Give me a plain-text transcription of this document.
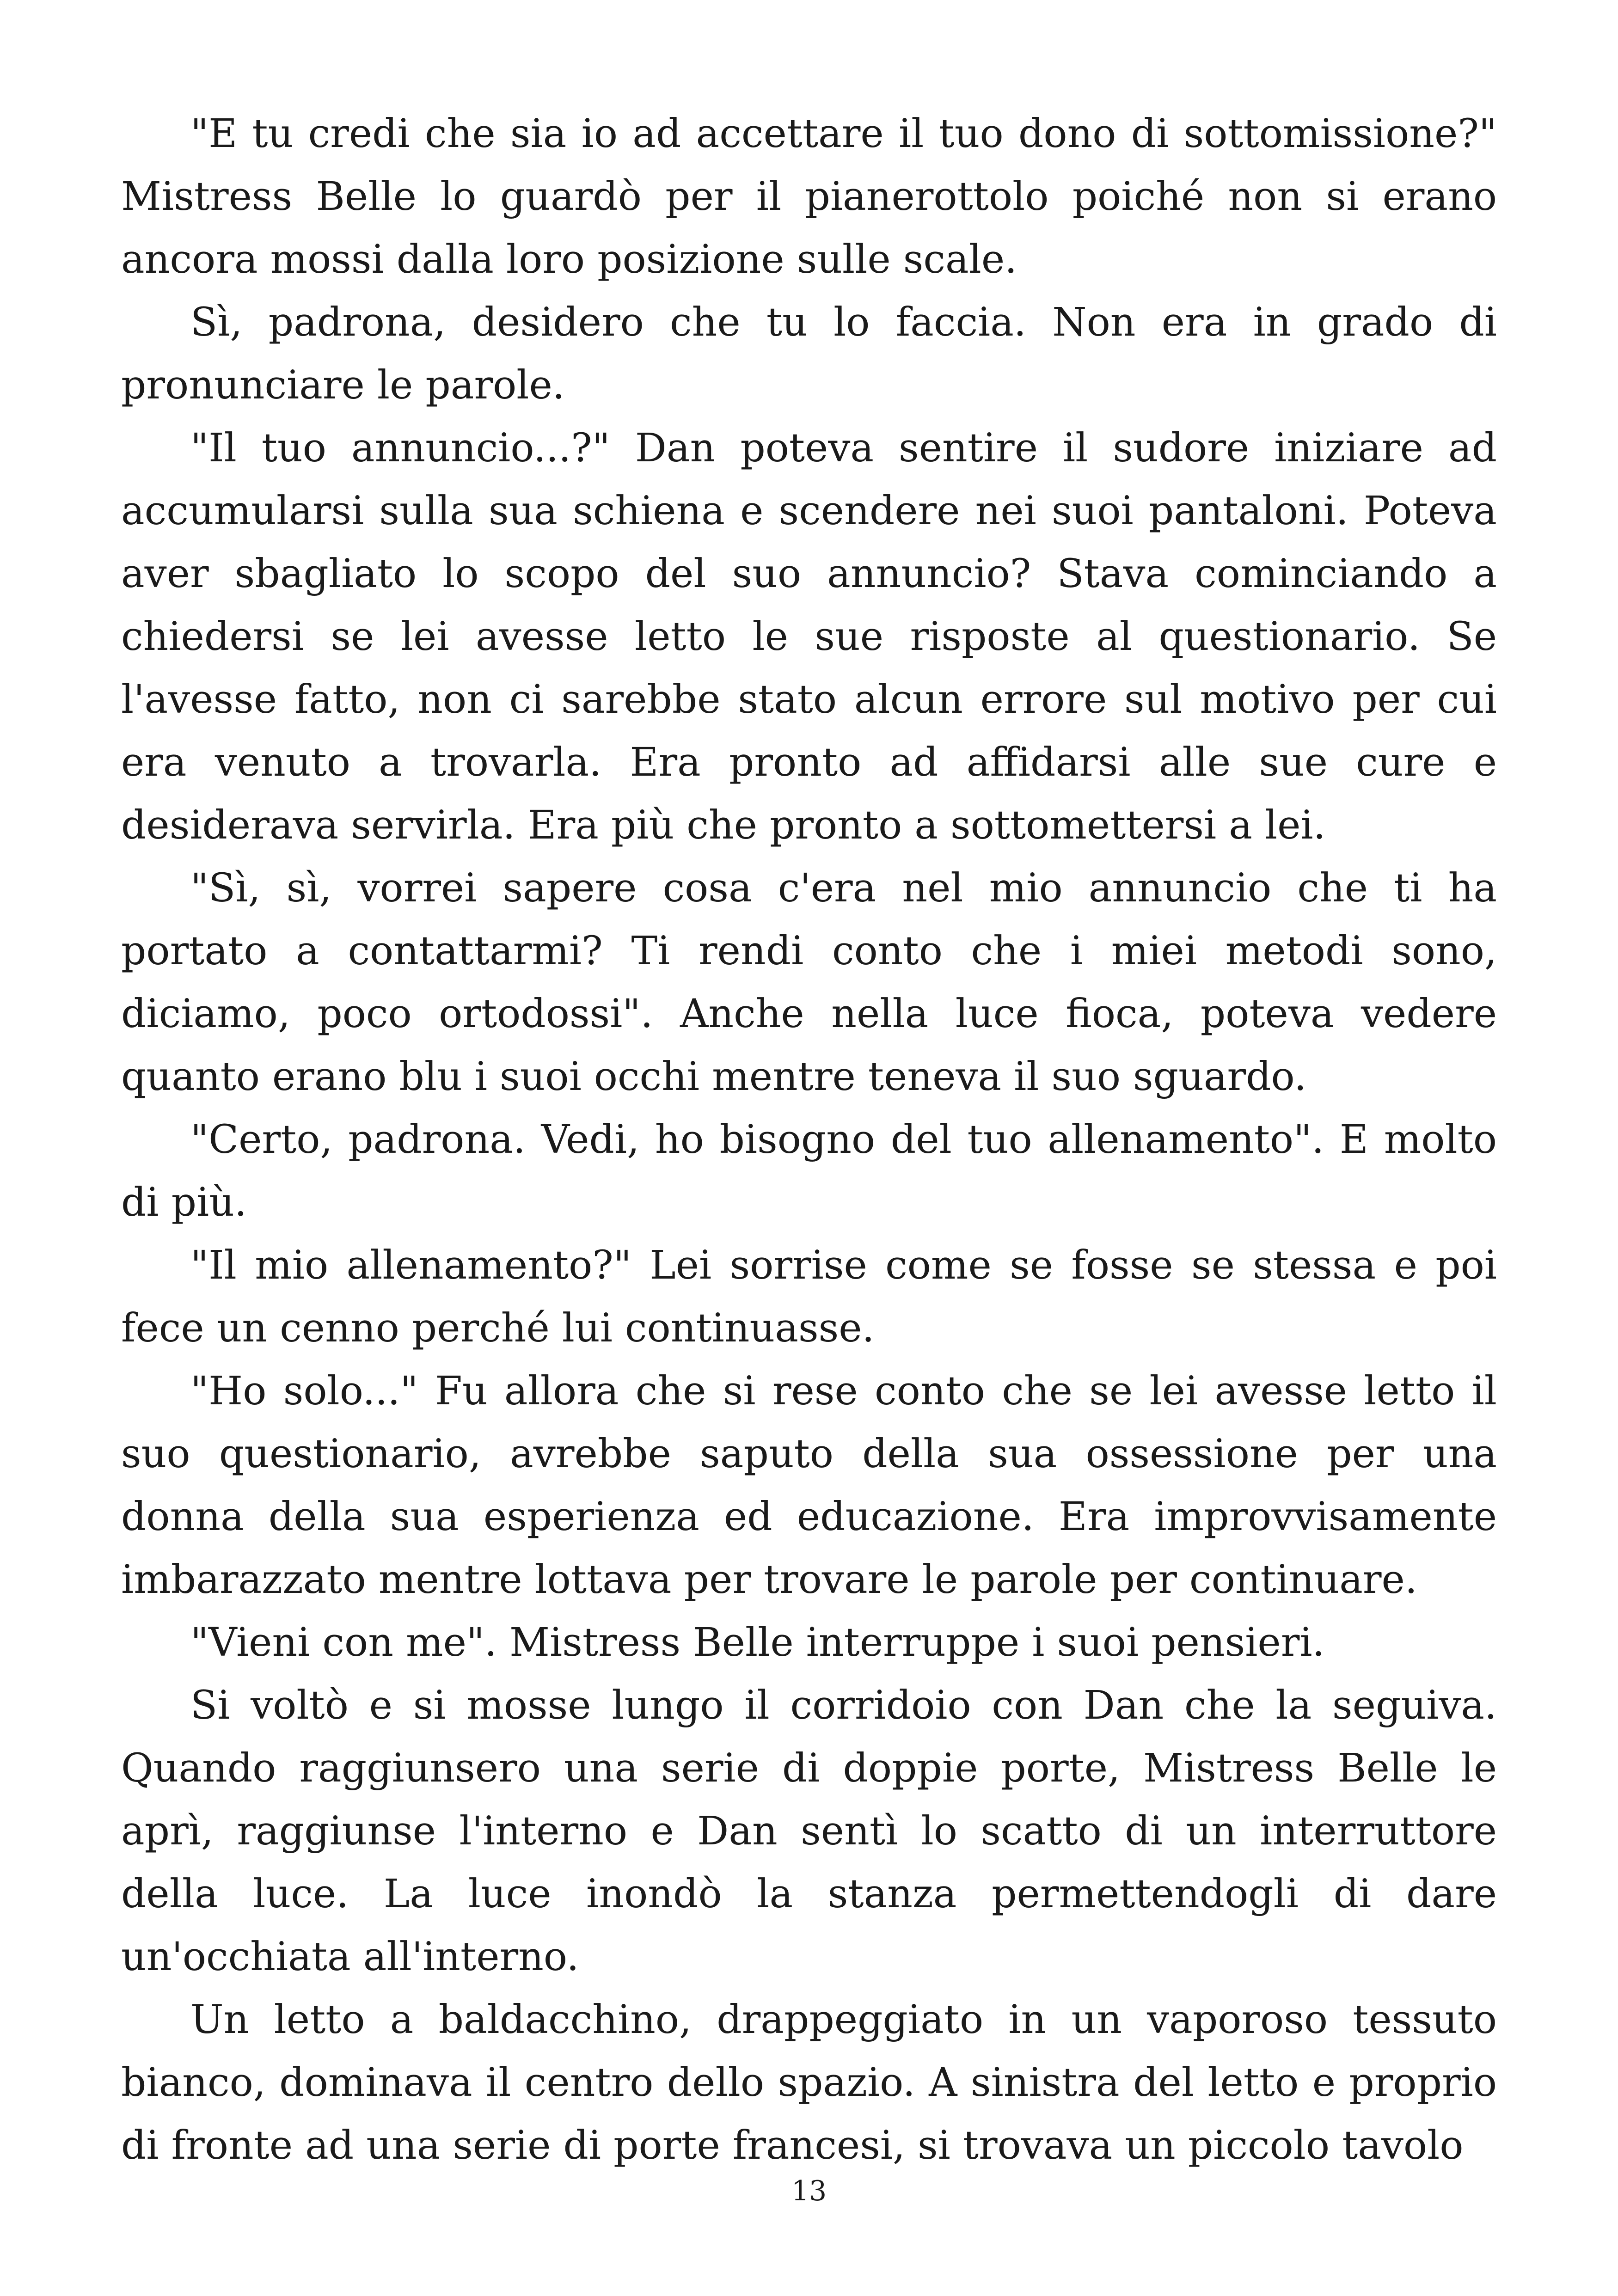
"E tu credi che sia io ad accettare il tuo dono di sottomissione?" Mistress Belle lo guardò per il pianerottolo poiché non si erano ancora mossi dalla loro posizione sulle scale.

Sì, padrona, desidero che tu lo faccia. Non era in grado di pronunciare le parole.

"Il tuo annuncio...?" Dan poteva sentire il sudore iniziare ad accumularsi sulla sua schiena e scendere nei suoi pantaloni. Poteva aver sbagliato lo scopo del suo annuncio? Stava cominciando a chiedersi se lei avesse letto le sue risposte al questionario. Se l'avesse fatto, non ci sarebbe stato alcun errore sul motivo per cui era venuto a trovarla. Era pronto ad affidarsi alle sue cure e desiderava servirla. Era più che pronto a sottomettersi a lei.

"Sì, sì, vorrei sapere cosa c'era nel mio annuncio che ti ha portato a contattarmi? Ti rendi conto che i miei metodi sono, diciamo, poco ortodossi". Anche nella luce fioca, poteva vedere quanto erano blu i suoi occhi mentre teneva il suo sguardo.

"Certo, padrona. Vedi, ho bisogno del tuo allenamento". E molto di più.

"Il mio allenamento?" Lei sorrise come se fosse se stessa e poi fece un cenno perché lui continuasse.

"Ho solo..." Fu allora che si rese conto che se lei avesse letto il suo questionario, avrebbe saputo della sua ossessione per una donna della sua esperienza ed educazione. Era improvvisamente imbarazzato mentre lottava per trovare le parole per continuare.

"Vieni con me". Mistress Belle interruppe i suoi pensieri.

Si voltò e si mosse lungo il corridoio con Dan che la seguiva. Quando raggiunsero una serie di doppie porte, Mistress Belle le aprì, raggiunse l'interno e Dan sentì lo scatto di un interruttore della luce. La luce inondò la stanza permettendogli di dare un'occhiata all'interno.

Un letto a baldacchino, drappeggiato in un vaporoso tessuto bianco, dominava il centro dello spazio. A sinistra del letto e proprio di fronte ad una serie di porte francesi, si trovava un piccolo tavolo

13
